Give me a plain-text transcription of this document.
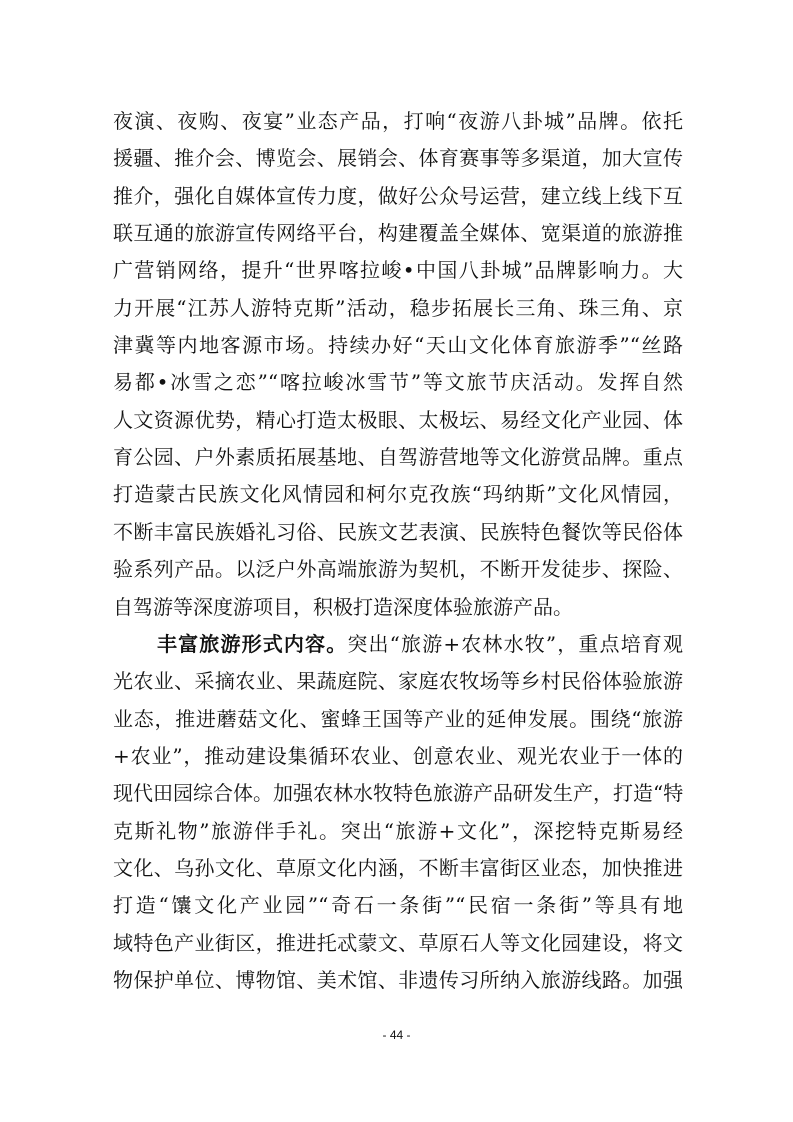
夜演、夜购、夜宴”业态产品，打响“夜游八卦城”品牌。依托

援疆、推介会、博览会、展销会、体育赛事等多渠道，加大宣传

推介，强化自媒体宣传力度，做好公众号运营，建立线上线下互

联互通的旅游宣传网络平台，构建覆盖全媒体、宽渠道的旅游推

广营销网络，提升“世界喀拉峻•中国八卦城”品牌影响力。大

力开展“江苏人游特克斯”活动，稳步拓展长三角、珠三角、京

津冀等内地客源市场。持续办好“天山文化体育旅游季”“丝路

易都•冰雪之恋”“喀拉峻冰雪节”等文旅节庆活动。发挥自然

人文资源优势，精心打造太极眼、太极坛、易经文化产业园、体

育公园、户外素质拓展基地、自驾游营地等文化游赏品牌。重点

打造蒙古民族文化风情园和柯尔克孜族“玛纳斯”文化风情园，

不断丰富民族婚礼习俗、民族文艺表演、民族特色餐饮等民俗体

验系列产品。以泛户外高端旅游为契机，不断开发徒步、探险、

自驾游等深度游项目，积极打造深度体验旅游产品。

丰富旅游形式内容。突出“旅游+农林水牧”，重点培育观

光农业、采摘农业、果蔬庭院、家庭农牧场等乡村民俗体验旅游

业态，推进蘑菇文化、蜜蜂王国等产业的延伸发展。围绕“旅游

+农业”，推动建设集循环农业、创意农业、观光农业于一体的

现代田园综合体。加强农林水牧特色旅游产品研发生产，打造“特

克斯礼物”旅游伴手礼。突出“旅游+文化”，深挖特克斯易经

文化、乌孙文化、草原文化内涵，不断丰富街区业态，加快推进

打造“馕文化产业园”“奇石一条街”“民宿一条街”等具有地

域特色产业街区，推进托忒蒙文、草原石人等文化园建设，将文

物保护单位、博物馆、美术馆、非遗传习所纳入旅游线路。加强

- 44 -
